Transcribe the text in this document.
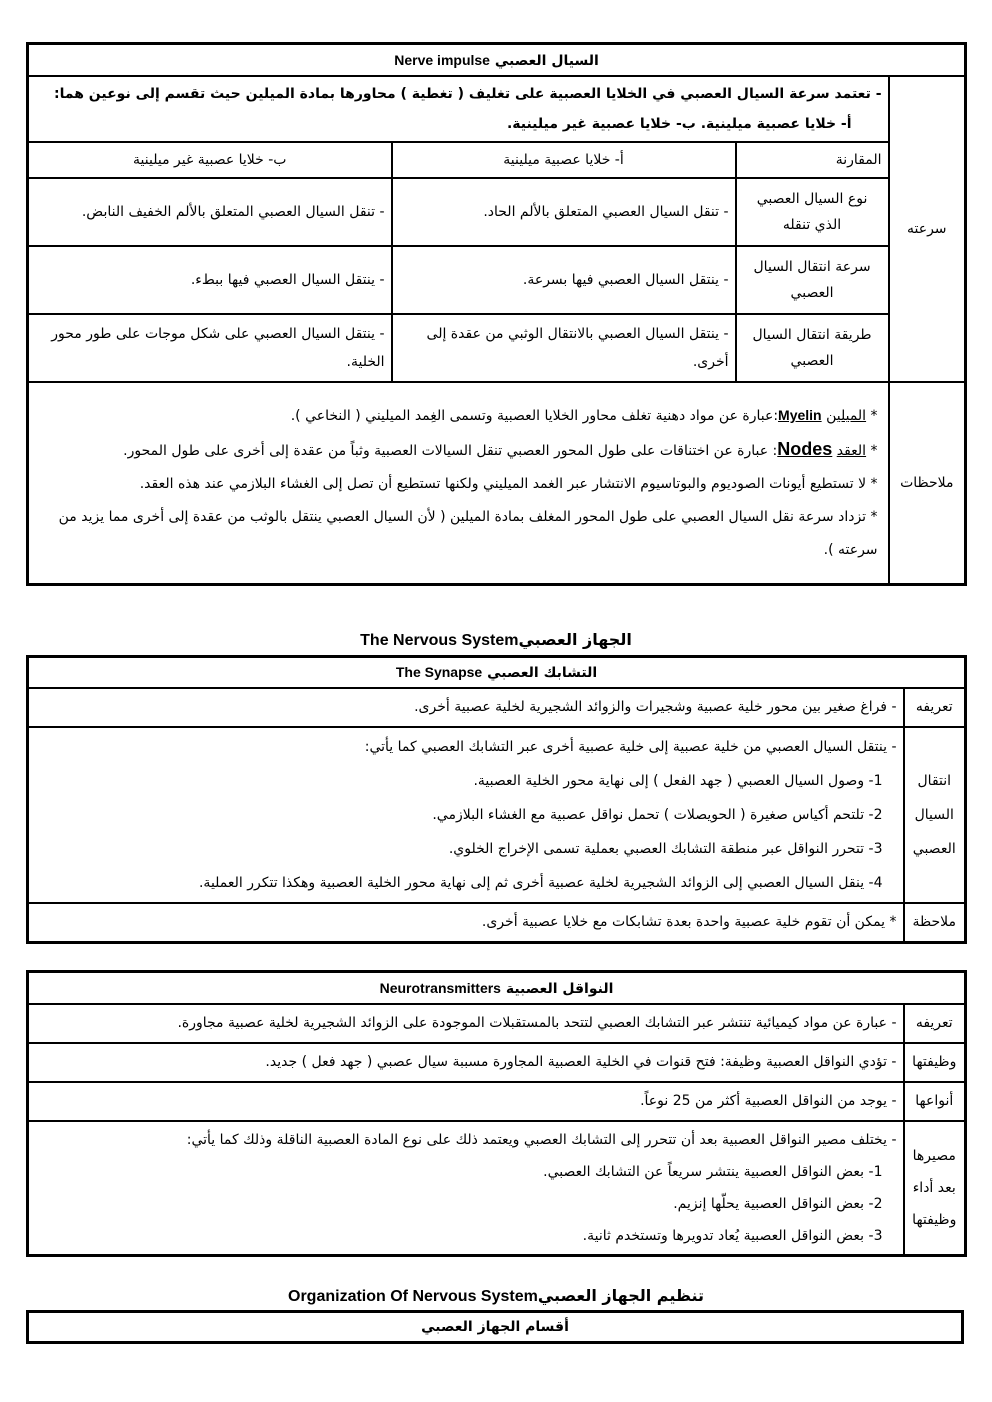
السيال العصبي Nerve impulse			
سرعته	- تعتمد سرعة السيال العصبي في الخلايا العصبية على تغليف ( تغطية ) محاورها بمادة الميلين حيث تقسم إلى نوعين هما:
أ- خلايا عصبية ميلينية. ب- خلايا عصبية غير ميلينية.		

	المقارنة	أ- خلايا عصبية ميلينية	ب- خلايا عصبية غير ميلينية
	نوع السيال العصبي الذي تنقله	- تنقل السيال العصبي المتعلق بالألم الحاد.	- تنقل السيال العصبي المتعلق بالألم الخفيف النابض.
	سرعة انتقال السيال العصبي	- ينتقل السيال العصبي فيها بسرعة.	- ينتقل السيال العصبي فيها ببطء.
	طريقة انتقال السيال العصبي	- ينتقل السيال العصبي بالانتقال الوثبي من عقدة إلى أخرى.	- ينتقل السيال العصبي على شكل موجات على طور محور الخلية.
ملاحظات	* الميلين Myelin:عبارة عن مواد دهنية تغلف محاور الخلايا العصبية وتسمى الغِمد الميليني ( النخاعي ).
* العقد Nodes: عبارة عن اختناقات على طول المحور العصبي تنقل السيالات العصبية وثباً من عقدة إلى أخرى على طول المحور.
* لا تستطيع أيونات الصوديوم والبوتاسيوم الانتشار عبر الغمد الميليني ولكنها تستطيع أن تصل إلى الغشاء البلازمي عند هذه العقد.
* تزداد سرعة نقل السيال العصبي على طول المحور المغلف بمادة الميلين ( لأن السيال العصبي ينتقل بالوثب من عقدة إلى أخرى مما يزيد من سرعته ).		
الجهاز العصبيThe Nervous System
التشابك العصبي The Synapse	
تعريفه	- فراغ صغير بين محور خلية عصبية وشجيرات والزوائد الشجيرية لخلية عصبية أخرى.
انتقال السيال العصبي	- ينتقل السيال العصبي من خلية عصبية إلى خلية عصبية أخرى عبر التشابك العصبي كما يأتي:
1- وصول السيال العصبي ( جهد الفعل ) إلى نهاية محور الخلية العصبية.
2- تلتحم أكياس صغيرة ( الحويصلات ) تحمل نواقل عصبية مع الغشاء البلازمي.
3- تتحرر النواقل عبر منطقة التشابك العصبي بعملية تسمى الإخراج الخلوي.
4- ينقل السيال العصبي إلى الزوائد الشجيرية لخلية عصبية أخرى ثم إلى نهاية محور الخلية العصبية وهكذا تتكرر العملية.

ملاحظة	* يمكن أن تقوم خلية عصبية واحدة بعدة تشابكات مع خلايا عصبية أخرى.
النواقل العصبية Neurotransmitters	
تعريفه	- عبارة عن مواد كيميائية تنتشر عبر التشابك العصبي لتتحد بالمستقبلات الموجودة على الزوائد الشجيرية لخلية عصبية مجاورة.
وظيفتها	- تؤدي النواقل العصبية وظيفة: فتح قنوات في الخلية العصبية المجاورة مسببة سيال عصبي ( جهد فعل ) جديد.
أنواعها	- يوجد من النواقل العصبية أكثر من 25 نوعاً.
مصيرها بعد أداء وظيفتها	- يختلف مصير النواقل العصبية بعد أن تتحرر إلى التشابك العصبي ويعتمد ذلك على نوع المادة العصبية الناقلة وذلك كما يأتي:
1- بعض النواقل العصبية ينتشر سريعاً عن التشابك العصبي.
2- بعض النواقل العصبية يحلّها إنزيم.
3- بعض النواقل العصبية يُعاد تدويرها وتستخدم ثانية.
تنظيم الجهاز العصبيOrganization Of Nervous System
أقسام الجهاز العصبي
